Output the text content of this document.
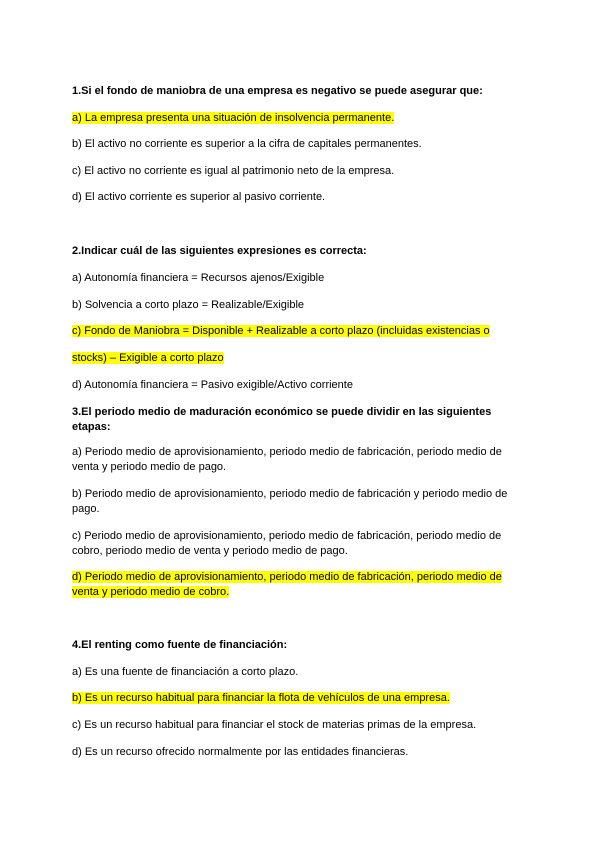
1.Si el fondo de maniobra de una empresa es negativo se puede asegurar que:
a) La empresa presenta una situación de insolvencia permanente.
b) El activo no corriente es superior a la cifra de capitales permanentes.
c) El activo no corriente es igual al patrimonio neto de la empresa.
d) El activo corriente es superior al pasivo corriente.
2.Indicar cuál de las siguientes expresiones es correcta:
a) Autonomía financiera = Recursos ajenos/Exigible
b) Solvencia a corto plazo = Realizable/Exigible
c) Fondo de Maniobra = Disponible + Realizable a corto plazo (incluidas existencias o
stocks) – Exigible a corto plazo
d) Autonomía financiera = Pasivo exigible/Activo corriente
3.El periodo medio de maduración económico se puede dividir en las siguientes etapas:
a) Periodo medio de aprovisionamiento, periodo medio de fabricación, periodo medio de venta y periodo medio de pago.
b) Periodo medio de aprovisionamiento, periodo medio de fabricación y periodo medio de pago.
c) Periodo medio de aprovisionamiento, periodo medio de fabricación, periodo medio de cobro, periodo medio de venta y periodo medio de pago.
d) Periodo medio de aprovisionamiento, periodo medio de fabricación, periodo medio de venta y periodo medio de cobro.
4.El renting como fuente de financiación:
a) Es una fuente de financiación a corto plazo.
b) Es un recurso habitual para financiar la flota de vehículos de una empresa.
c) Es un recurso habitual para financiar el stock de materias primas de la empresa.
d) Es un recurso ofrecido normalmente por las entidades financieras.
